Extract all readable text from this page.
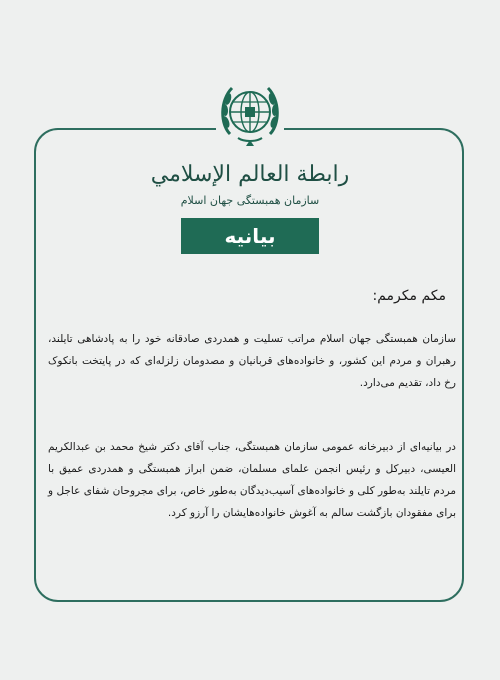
رابطة العالم الإسلامي
سازمان همبستگی جهان اسلام
بیانیه
مکم مکرمم:
سازمان همبستگی جهان اسلام مراتب تسلیت و همدردی صادقانه خود را به پادشاهی تایلند، رهبران و مردم این کشور، و خانواده‌های قربانیان و مصدومان زلزله‌ای که در پایتخت بانکوک رخ داد، تقدیم می‌دارد.
در بیانیه‌ای از دبیرخانه عمومی سازمان همبستگی، جناب آقای دکتر شیخ محمد بن عبدالکریم العیسی، دبیرکل و رئیس انجمن علمای مسلمان، ضمن ابراز همبستگی و همدردی عمیق با مردم تایلند به‌طور کلی و خانواده‌های آسیب‌دیدگان به‌طور خاص، برای مجروحان شفای عاجل و برای مفقودان بازگشت سالم به آغوش خانواده‌هایشان را آرزو کرد.
